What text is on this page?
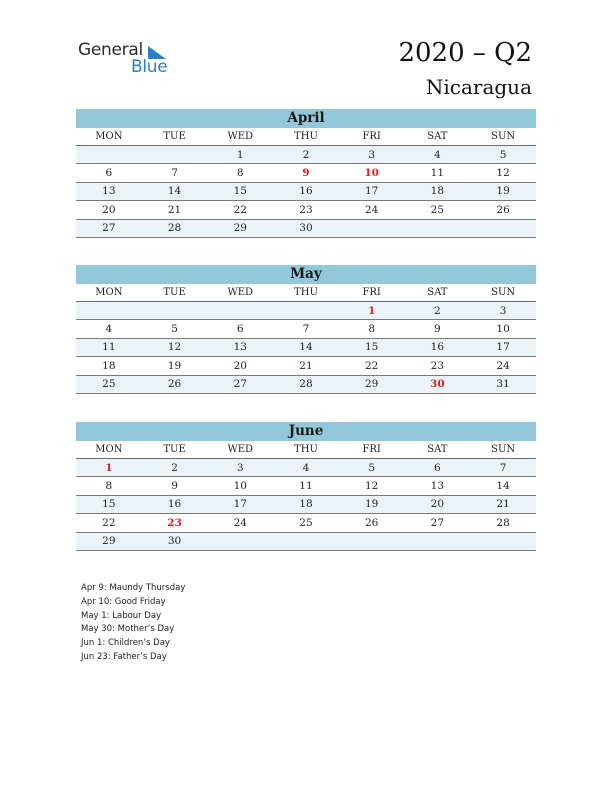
General
Blue	2020 – Q2
Nicaragua
April
MON	TUE	WED	THU	FRI	SAT	SUN
		1	2	3	4	5
6	7	8	9	10	11	12
13	14	15	16	17	18	19
20	21	22	23	24	25	26
27	28	29	30			
May
MON	TUE	WED	THU	FRI	SAT	SUN
				1	2	3
4	5	6	7	8	9	10
11	12	13	14	15	16	17
18	19	20	21	22	23	24
25	26	27	28	29	30	31
June
MON	TUE	WED	THU	FRI	SAT	SUN
1	2	3	4	5	6	7
8	9	10	11	12	13	14
15	16	17	18	19	20	21
22	23	24	25	26	27	28
29	30					
Apr 9: Maundy Thursday
Apr 10: Good Friday
May 1: Labour Day
May 30: Mother’s Day
Jun 1: Children’s Day
Jun 23: Father’s Day
